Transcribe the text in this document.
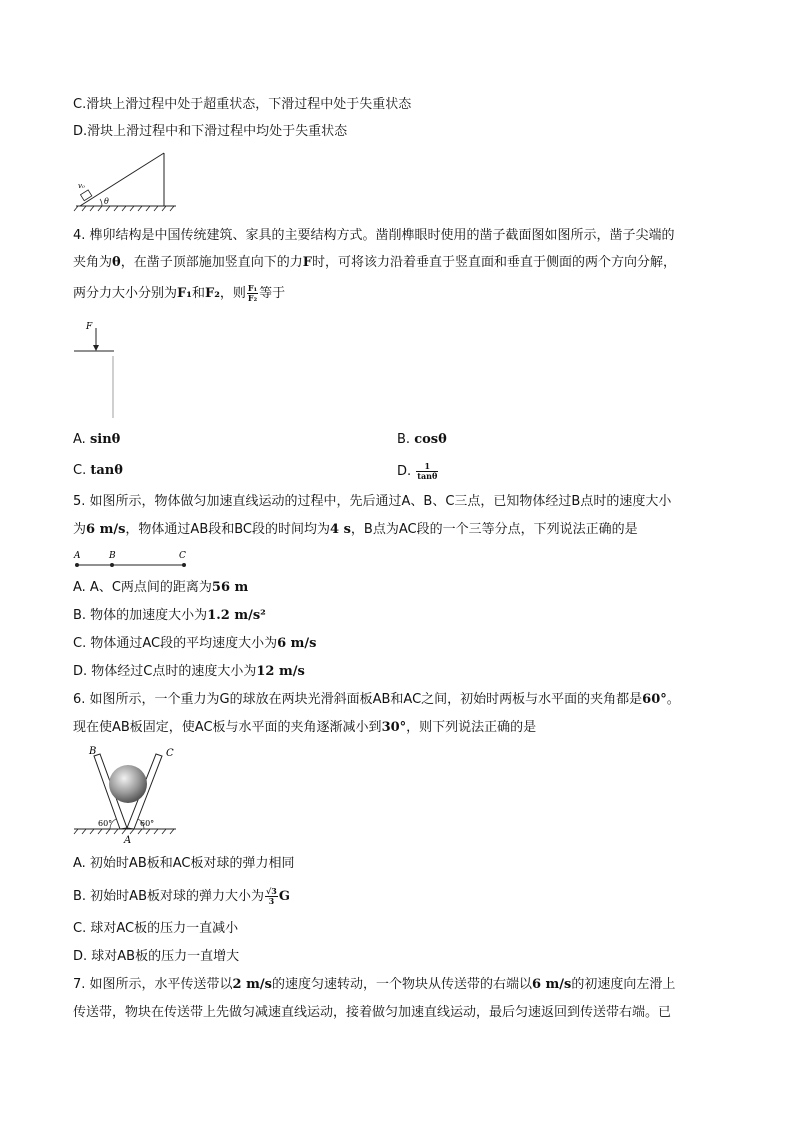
C.滑块上滑过程中处于超重状态，下滑过程中处于失重状态
D.滑块上滑过程中和下滑过程中均处于失重状态
v₀
θ
4. 榫卯结构是中国传统建筑、家具的主要结构方式。凿削榫眼时使用的凿子截面图如图所示，凿子尖端的
夹角为θ，在凿子顶部施加竖直向下的力F时，可将该力沿着垂直于竖直面和垂直于侧面的两个方向分解，
两分力大小分别为F₁和F₂，则 $\frac{\text{F₁}}{\text{F₂}}$ 等于
F
A. sinθ	B. cosθ
C. tanθ	D. $\frac{1}{\tan\theta}$
5. 如图所示，物体做匀加速直线运动的过程中，先后通过A、B、C三点，已知物体经过B点时的速度大小
为6 m/s，物体通过AB段和BC段的时间均为4 s，B点为AC段的一个三等分点，下列说法正确的是
A	B	C
A. A、C两点间的距离为56 m
B. 物体的加速度大小为1.2 m/s²
C. 物体通过AC段的平均速度大小为6 m/s
D. 物体经过C点时的速度大小为12 m/s
6. 如图所示，一个重力为G的球放在两块光滑斜面板AB和AC之间，初始时两板与水平面的夹角都是60°。
现在使AB板固定，使AC板与水平面的夹角逐渐减小到30°，则下列说法正确的是
B	C
A
60°	60°
A. 初始时AB板和AC板对球的弹力相同
B. 初始时AB板对球的弹力大小为 $\frac{√3}{3}$ G
C. 球对AC板的压力一直减小
D. 球对AB板的压力一直增大
7. 如图所示，水平传送带以2 m/s的速度匀速转动，一个物块从传送带的右端以6 m/s的初速度向左滑上
传送带，物块在传送带上先做匀减速直线运动，接着做匀加速直线运动，最后匀速返回到传送带右端。已
